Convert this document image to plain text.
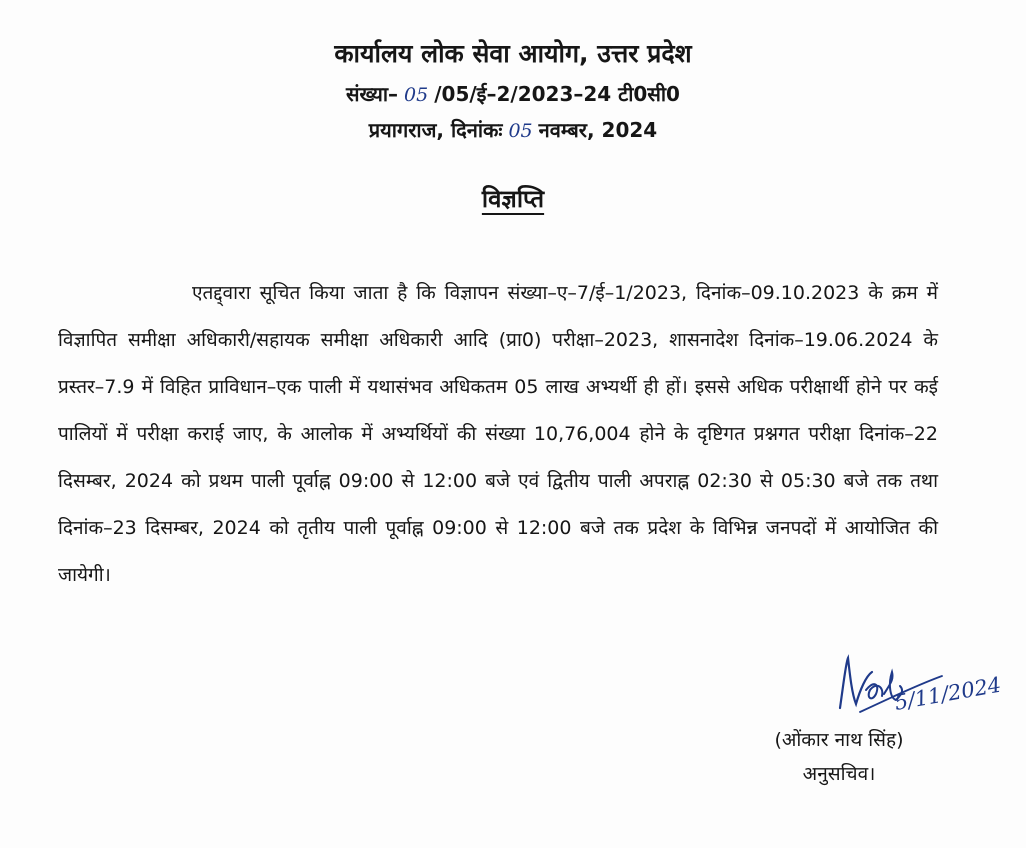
कार्यालय लोक सेवा आयोग, उत्तर प्रदेश
संख्या– 05 /05/ई–2/2023–24 टी0सी0
प्रयागराज, दिनांकः 05 नवम्बर, 2024
विज्ञप्ति
एतद्द्वारा सूचित किया जाता है कि विज्ञापन संख्या–ए–7/ई–1/2023, दिनांक–09.10.2023 के क्रम में विज्ञापित समीक्षा अधिकारी/सहायक समीक्षा अधिकारी आदि (प्रा0) परीक्षा–2023, शासनादेश दिनांक–19.06.2024 के प्रस्तर–7.9 में विहित प्राविधान–एक पाली में यथासंभव अधिकतम 05 लाख अभ्यर्थी ही हों। इससे अधिक परीक्षार्थी होने पर कई पालियों में परीक्षा कराई जाए, के आलोक में अभ्यर्थियों की संख्या 10,76,004 होने के दृष्टिगत प्रश्नगत परीक्षा दिनांक–22 दिसम्बर, 2024 को प्रथम पाली पूर्वाह्न 09:00 से 12:00 बजे एवं द्वितीय पाली अपराह्न 02:30 से 05:30 बजे तक तथा दिनांक–23 दिसम्बर, 2024 को तृतीय पाली पूर्वाह्न 09:00 से 12:00 बजे तक प्रदेश के विभिन्न जनपदों में आयोजित की जायेगी।
5/11/2024
(ओंकार नाथ सिंह)
अनुसचिव।
